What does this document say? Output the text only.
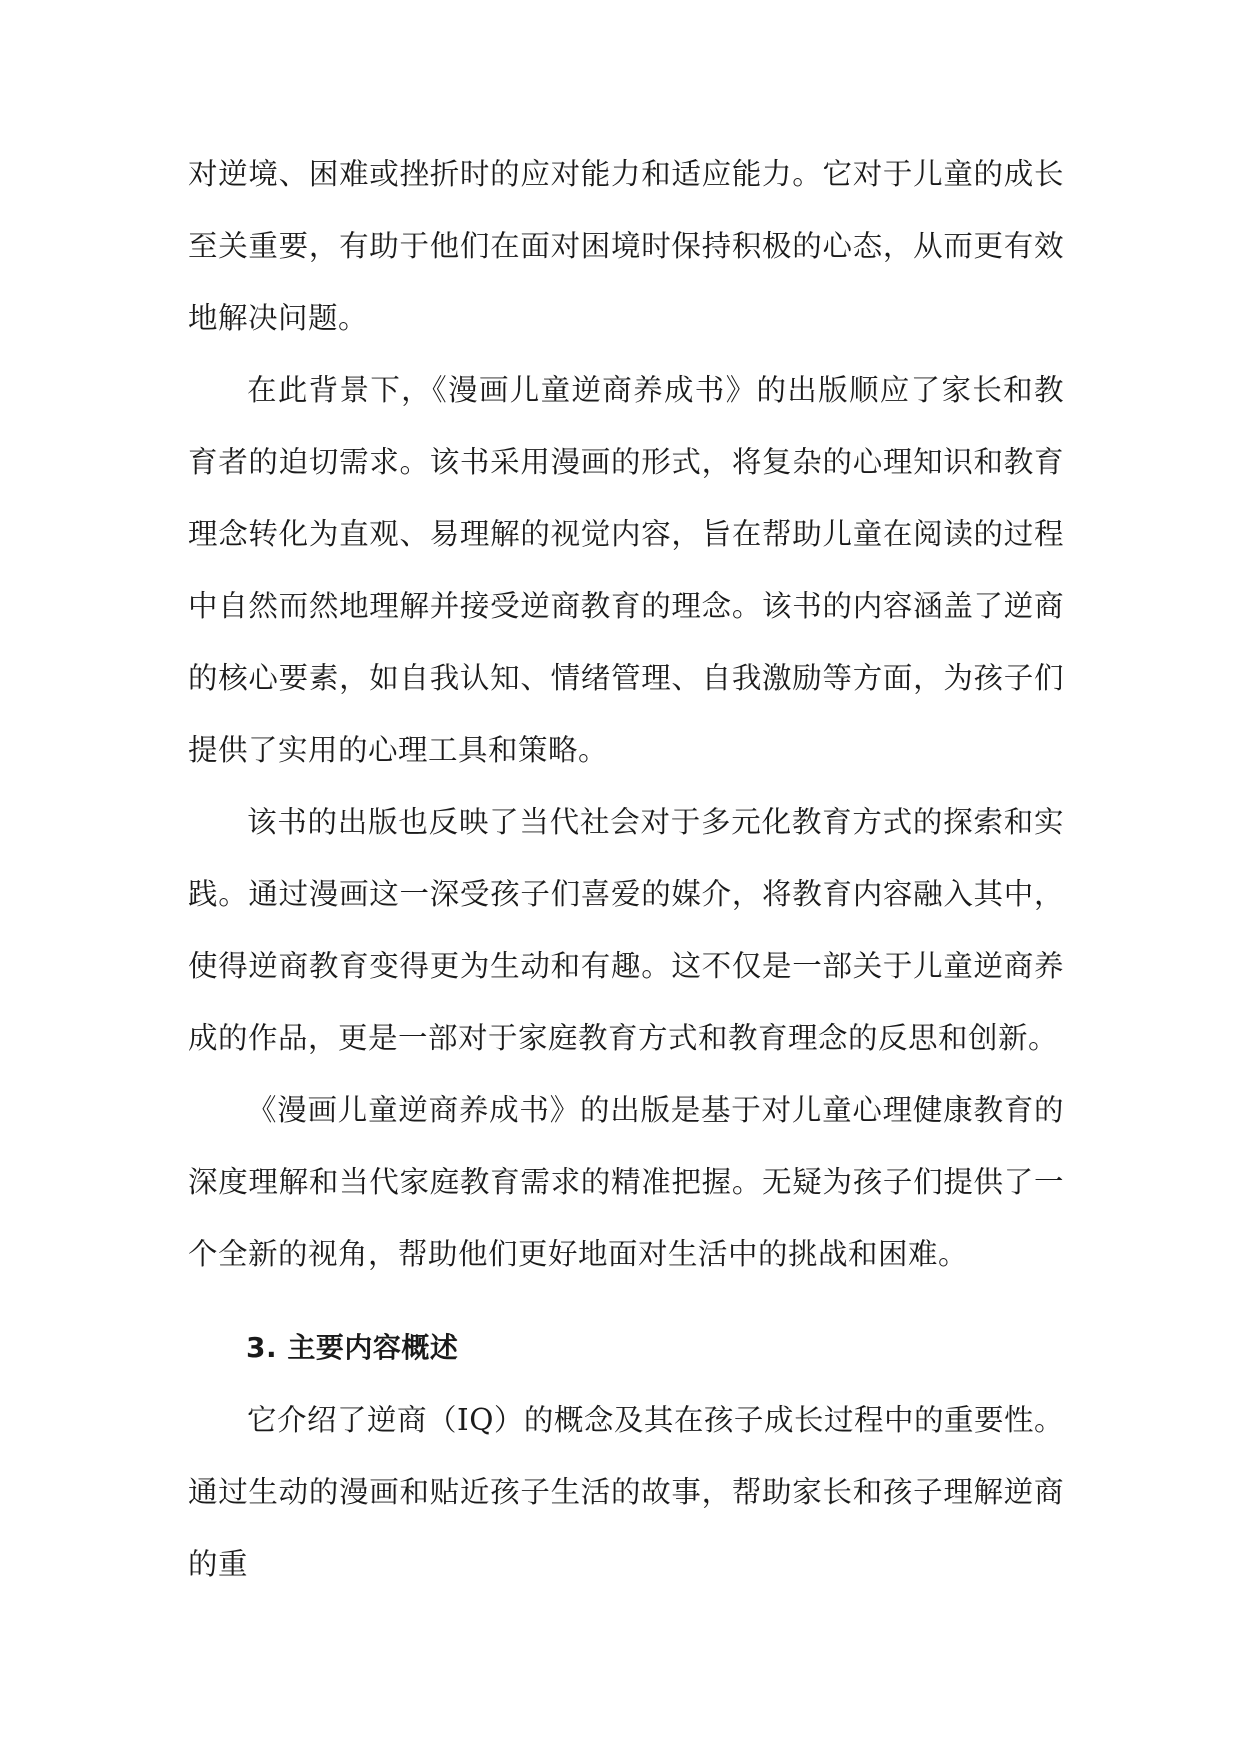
对逆境、困难或挫折时的应对能力和适应能力。它对于儿童的成长至关重要，有助于他们在面对困境时保持积极的心态，从而更有效地解决问题。

在此背景下，《漫画儿童逆商养成书》的出版顺应了家长和教育者的迫切需求。该书采用漫画的形式，将复杂的心理知识和教育理念转化为直观、易理解的视觉内容，旨在帮助儿童在阅读的过程中自然而然地理解并接受逆商教育的理念。该书的内容涵盖了逆商的核心要素，如自我认知、情绪管理、自我激励等方面，为孩子们提供了实用的心理工具和策略。

该书的出版也反映了当代社会对于多元化教育方式的探索和实践。通过漫画这一深受孩子们喜爱的媒介，将教育内容融入其中，使得逆商教育变得更为生动和有趣。这不仅是一部关于儿童逆商养成的作品，更是一部对于家庭教育方式和教育理念的反思和创新。

《漫画儿童逆商养成书》的出版是基于对儿童心理健康教育的深度理解和当代家庭教育需求的精准把握。无疑为孩子们提供了一个全新的视角，帮助他们更好地面对生活中的挑战和困难。

3. 主要内容概述

它介绍了逆商（IQ）的概念及其在孩子成长过程中的重要性。通过生动的漫画和贴近孩子生活的故事，帮助家长和孩子理解逆商的重
